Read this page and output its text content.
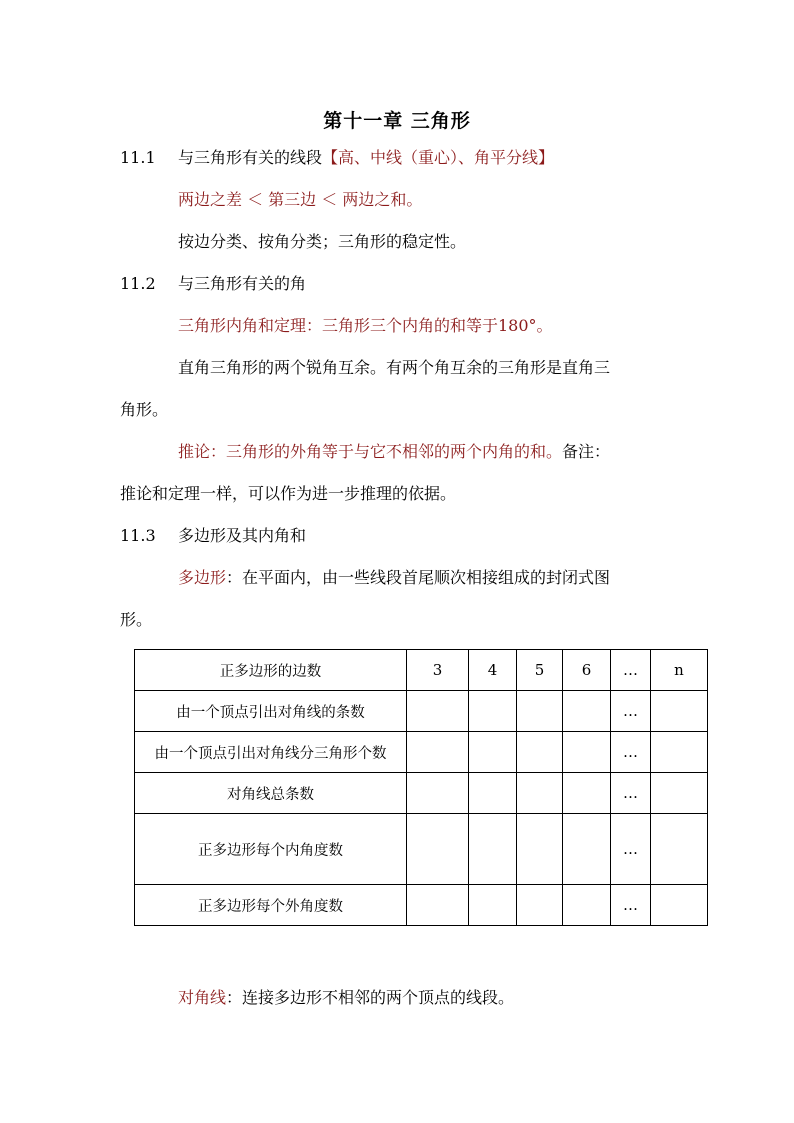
第十一章 三角形
11.1 与三角形有关的线段【高、中线（重心）、角平分线】
两边之差 ＜ 第三边 ＜ 两边之和。
按边分类、按角分类；三角形的稳定性。
11.2 与三角形有关的角
三角形内角和定理：三角形三个内角的和等于180°。
直角三角形的两个锐角互余。有两个角互余的三角形是直角三
角形。
推论：三角形的外角等于与它不相邻的两个内角的和。备注：
推论和定理一样，可以作为进一步推理的依据。
11.3 多边形及其内角和
多边形：在平面内，由一些线段首尾顺次相接组成的封闭式图
形。
正多边形的边数	3	4	5	6	…	n
由一个顶点引出对角线的条数					…	
由一个顶点引出对角线分三角形个数					…	
对角线总条数					…	
正多边形每个内角度数					…	
正多边形每个外角度数					…	
对角线：连接多边形不相邻的两个顶点的线段。
